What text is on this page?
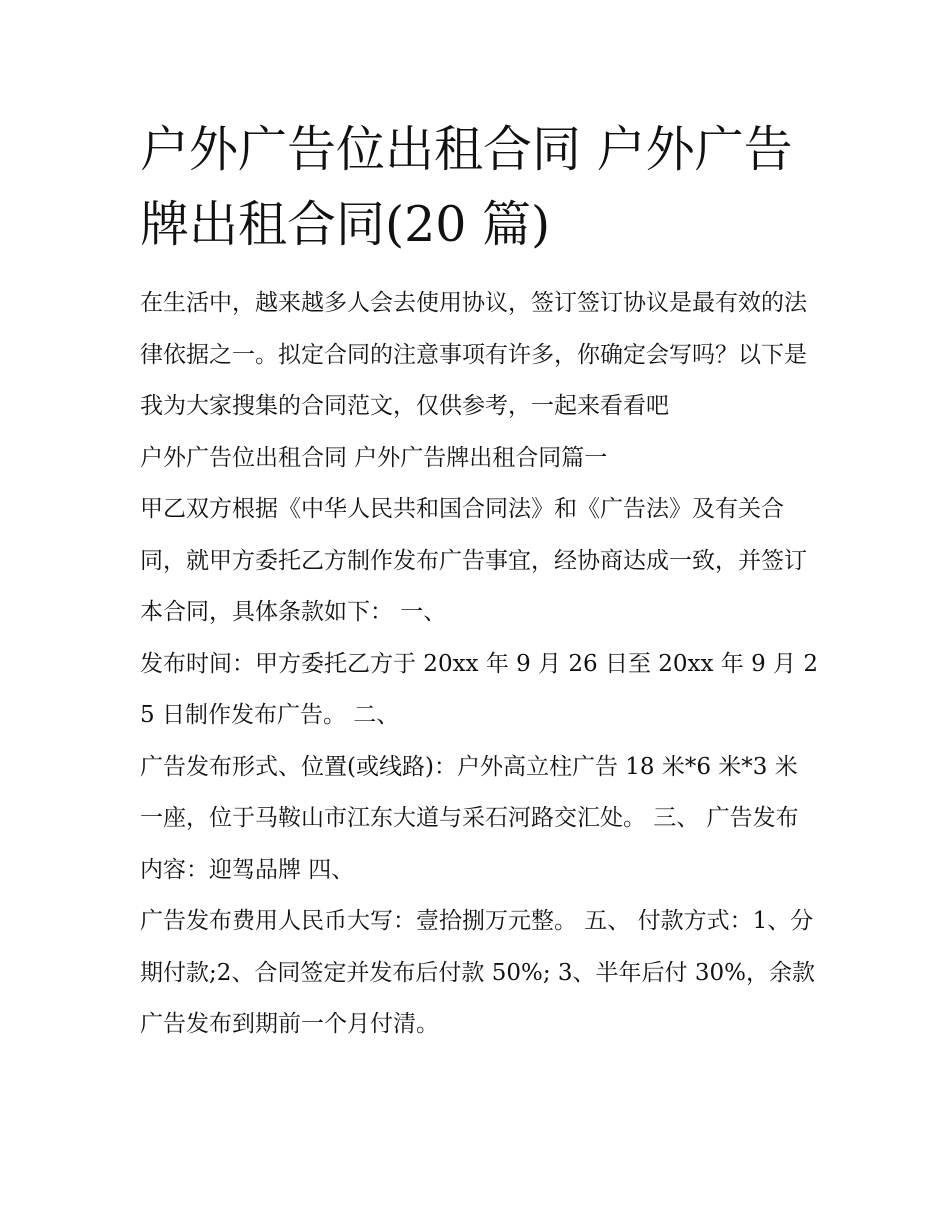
户外广告位出租合同 户外广告
牌出租合同(20 篇)

在生活中，越来越多人会去使用协议，签订签订协议是最有效的法律依据之一。拟定合同的注意事项有许多，你确定会写吗？以下是我为大家搜集的合同范文，仅供参考，一起来看看吧

户外广告位出租合同 户外广告牌出租合同篇一

甲乙双方根据《中华人民共和国合同法》和《广告法》及有关合同，就甲方委托乙方制作发布广告事宜，经协商达成一致，并签订本合同，具体条款如下： 一、

发布时间：甲方委托乙方于 20xx 年 9 月 26 日至 20xx 年 9 月 25 日制作发布广告。 二、

广告发布形式、位置(或线路)：户外高立柱广告 18 米*6 米*3 米一座，位于马鞍山市江东大道与采石河路交汇处。 三、 广告发布内容：迎驾品牌 四、

广告发布费用人民币大写：壹拾捌万元整。 五、 付款方式：1、分期付款;2、合同签定并发布后付款 50%; 3、半年后付 30%，余款广告发布到期前一个月付清。
